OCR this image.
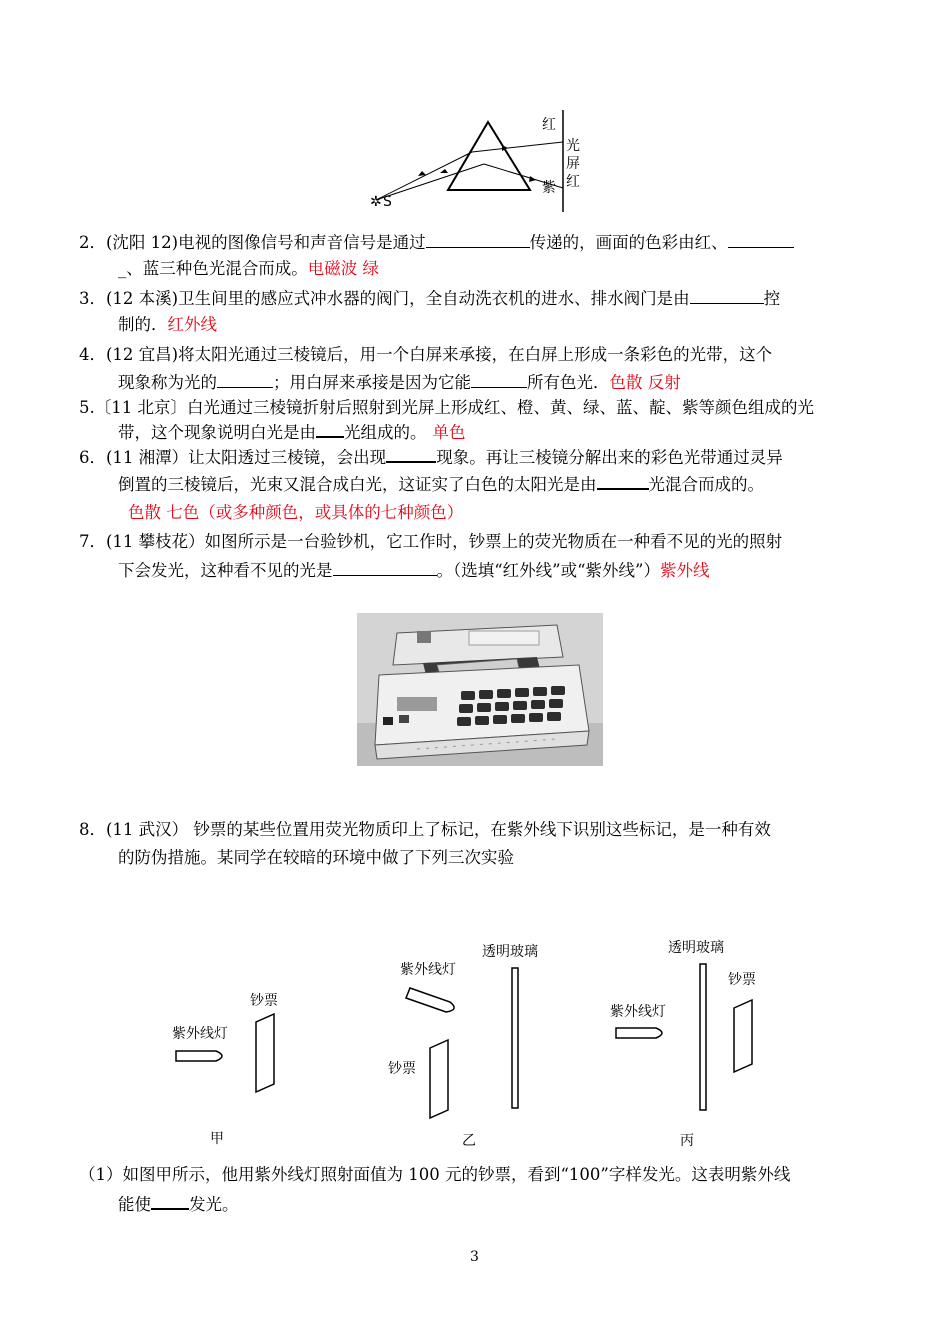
✲ S
红
光
屏
红
紫
2．(沈阳 12)电视的图像信号和声音信号是通过	传递的，画面的色彩由红、
_、蓝三种色光混合而成。电磁波 绿
3．(12 本溪)卫生间里的感应式冲水器的阀门，全自动洗衣机的进水、排水阀门是由	控
制的．红外线
4．(12 宜昌)将太阳光通过三棱镜后，用一个白屏来承接，在白屏上形成一条彩色的光带，这个
现象称为光的	；用白屏来承接是因为它能	所有色光．色散 反射
5.〔11 北京〕白光通过三棱镜折射后照射到光屏上形成红、橙、黄、绿、蓝、靛、紫等颜色组成的光
带，这个现象说明白光是由 光组成的。 单色
6．(11 湘潭）让太阳透过三棱镜，会出现	现象。再让三棱镜分解出来的彩色光带通过灵异
倒置的三棱镜后，光束又混合成白光，这证实了白色的太阳光是由	光混合而成的。
色散 七色（或多种颜色，或具体的七种颜色）
7．(11 攀枝花）如图所示是一台验钞机，它工作时，钞票上的荧光物质在一种看不见的光的照射
下会发光，这种看不见的光是	。（选填“红外线”或“紫外线”）紫外线
8．(11 武汉） 钞票的某些位置用荧光物质印上了标记，在紫外线下识别这些标记，是一种有效
的防伪措施。某同学在较暗的环境中做了下列三次实验
钞票
紫外线灯
甲
紫外线灯
透明玻璃
钞票
乙
透明玻璃
钞票
紫外线灯
丙
（1）如图甲所示，他用紫外线灯照射面值为 100 元的钞票，看到“100”字样发光。这表明紫外线
能使 发光。
3
